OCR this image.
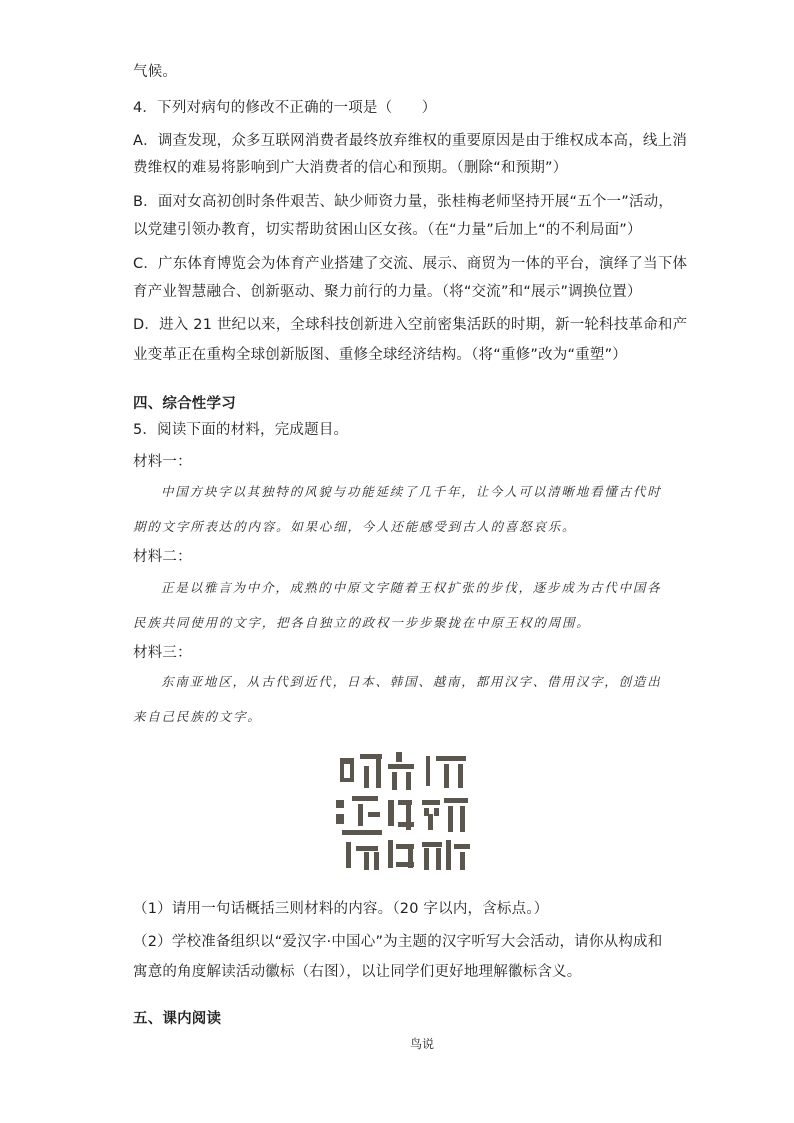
气候。
4．下列对病句的修改不正确的一项是（　　）
A．调查发现，众多互联网消费者最终放弃维权的重要原因是由于维权成本高，线上消
费维权的难易将影响到广大消费者的信心和预期。（删除“和预期”）
B．面对女高初创时条件艰苦、缺少师资力量，张桂梅老师坚持开展“五个一”活动，
以党建引领办教育，切实帮助贫困山区女孩。（在“力量”后加上“的不利局面”）
C．广东体育博览会为体育产业搭建了交流、展示、商贸为一体的平台，演绎了当下体
育产业智慧融合、创新驱动、聚力前行的力量。（将“交流”和“展示”调换位置）
D．进入 21 世纪以来，全球科技创新进入空前密集活跃的时期，新一轮科技革命和产
业变革正在重构全球创新版图、重修全球经济结构。（将“重修”改为“重塑”）
四、综合性学习
5．阅读下面的材料，完成题目。
材料一：
中国方块字以其独特的风貌与功能延续了几千年，让今人可以清晰地看懂古代时期的文字所表达的内容。如果心细，今人还能感受到古人的喜怒哀乐。
材料二：
正是以雅言为中介，成熟的中原文字随着王权扩张的步伐，逐步成为古代中国各民族共同使用的文字，把各自独立的政权一步步聚拢在中原王权的周围。
材料三：
东南亚地区，从古代到近代，日本、韩国、越南，都用汉字、借用汉字，创造出来自己民族的文字。
（1）请用一句话概括三则材料的内容。（20 字以内，含标点。）
（2）学校准备组织以“爱汉字·中国心”为主题的汉字听写大会活动，请你从构成和
寓意的角度解读活动徽标（右图），以让同学们更好地理解徽标含义。
五、课内阅读
鸟说
